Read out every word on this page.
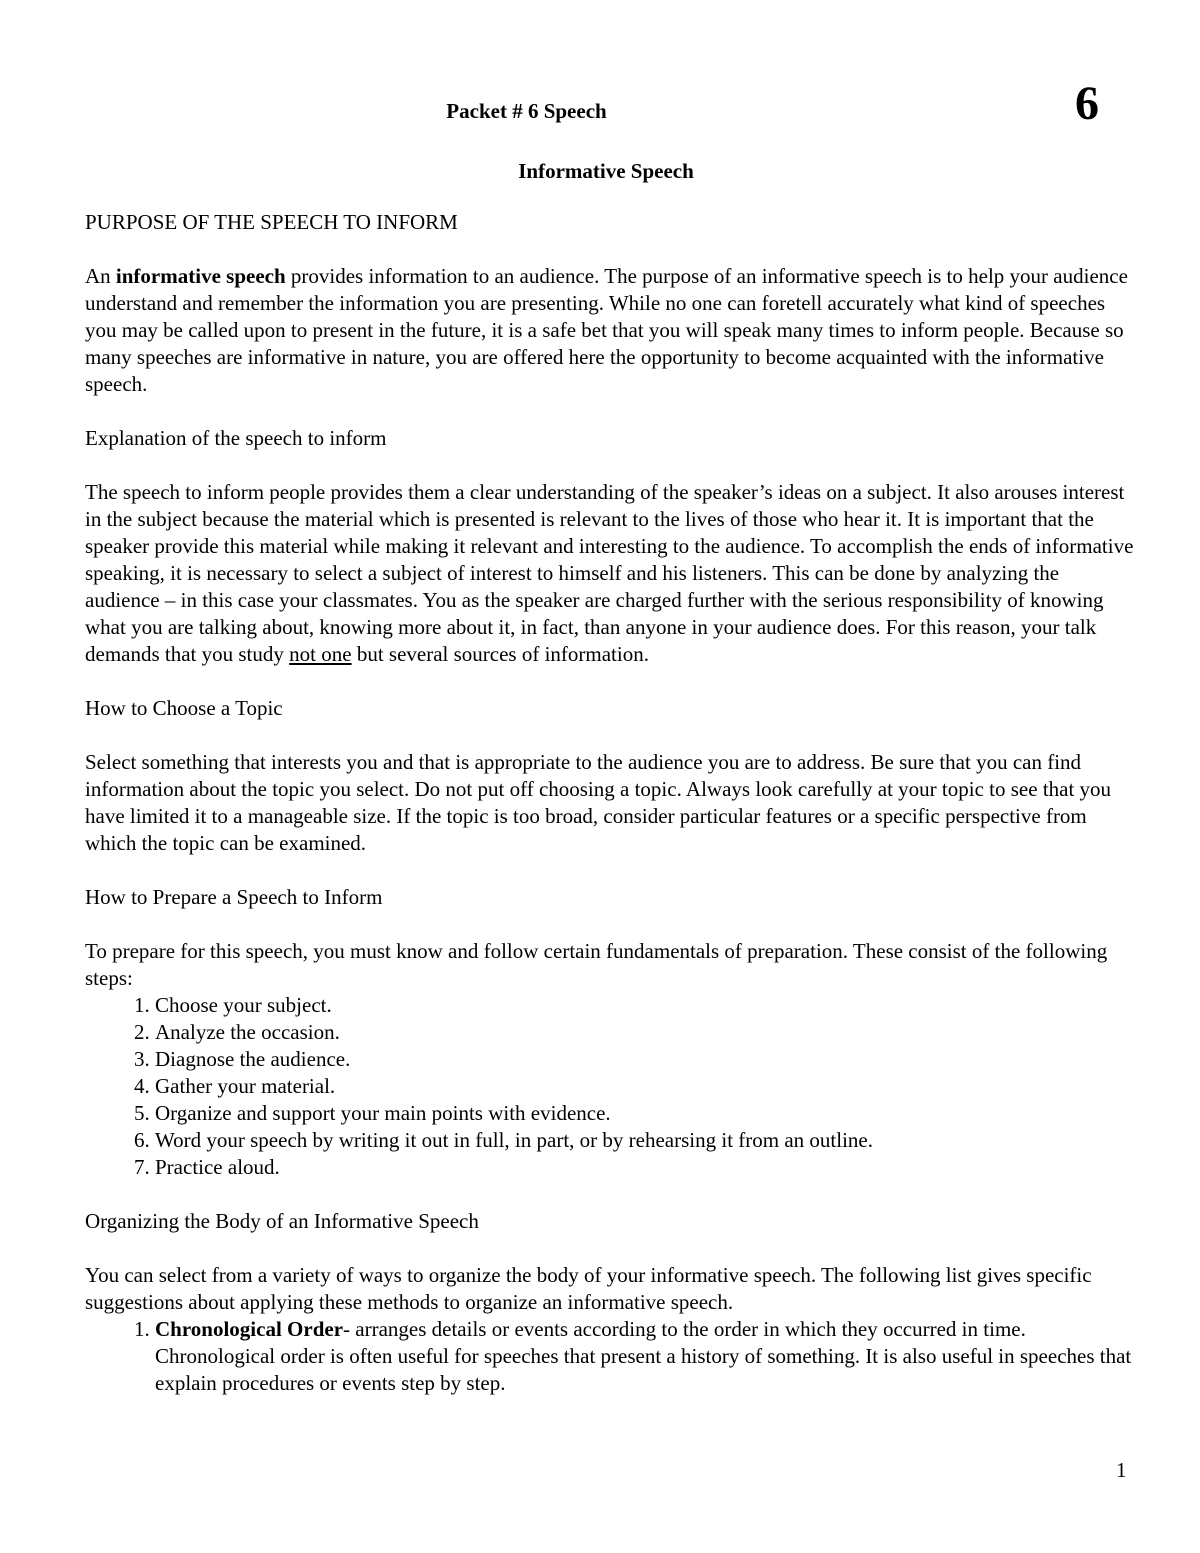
Packet # 6 Speech	6
Informative Speech

PURPOSE OF THE SPEECH TO INFORM

An informative speech provides information to an audience. The purpose of an informative speech is to help your audience understand and remember the information you are presenting. While no one can foretell accurately what kind of speeches you may be called upon to present in the future, it is a safe bet that you will speak many times to inform people. Because so many speeches are informative in nature, you are offered here the opportunity to become acquainted with the informative speech.

Explanation of the speech to inform

The speech to inform people provides them a clear understanding of the speaker’s ideas on a subject. It also arouses interest in the subject because the material which is presented is relevant to the lives of those who hear it. It is important that the speaker provide this material while making it relevant and interesting to the audience. To accomplish the ends of informative speaking, it is necessary to select a subject of interest to himself and his listeners. This can be done by analyzing the audience – in this case your classmates. You as the speaker are charged further with the serious responsibility of knowing what you are talking about, knowing more about it, in fact, than anyone in your audience does. For this reason, your talk demands that you study not one but several sources of information.

How to Choose a Topic

Select something that interests you and that is appropriate to the audience you are to address. Be sure that you can find information about the topic you select. Do not put off choosing a topic. Always look carefully at your topic to see that you have limited it to a manageable size. If the topic is too broad, consider particular features or a specific perspective from which the topic can be examined.

How to Prepare a Speech to Inform

To prepare for this speech, you must know and follow certain fundamentals of preparation. These consist of the following steps:

1. Choose your subject.
2. Analyze the occasion.
3. Diagnose the audience.
4. Gather your material.
5. Organize and support your main points with evidence.
6. Word your speech by writing it out in full, in part, or by rehearsing it from an outline.
7. Practice aloud.

Organizing the Body of an Informative Speech

You can select from a variety of ways to organize the body of your informative speech. The following list gives specific suggestions about applying these methods to organize an informative speech.

1. Chronological Order- arranges details or events according to the order in which they occurred in time. Chronological order is often useful for speeches that present a history of something. It is also useful in speeches that explain procedures or events step by step.
1
